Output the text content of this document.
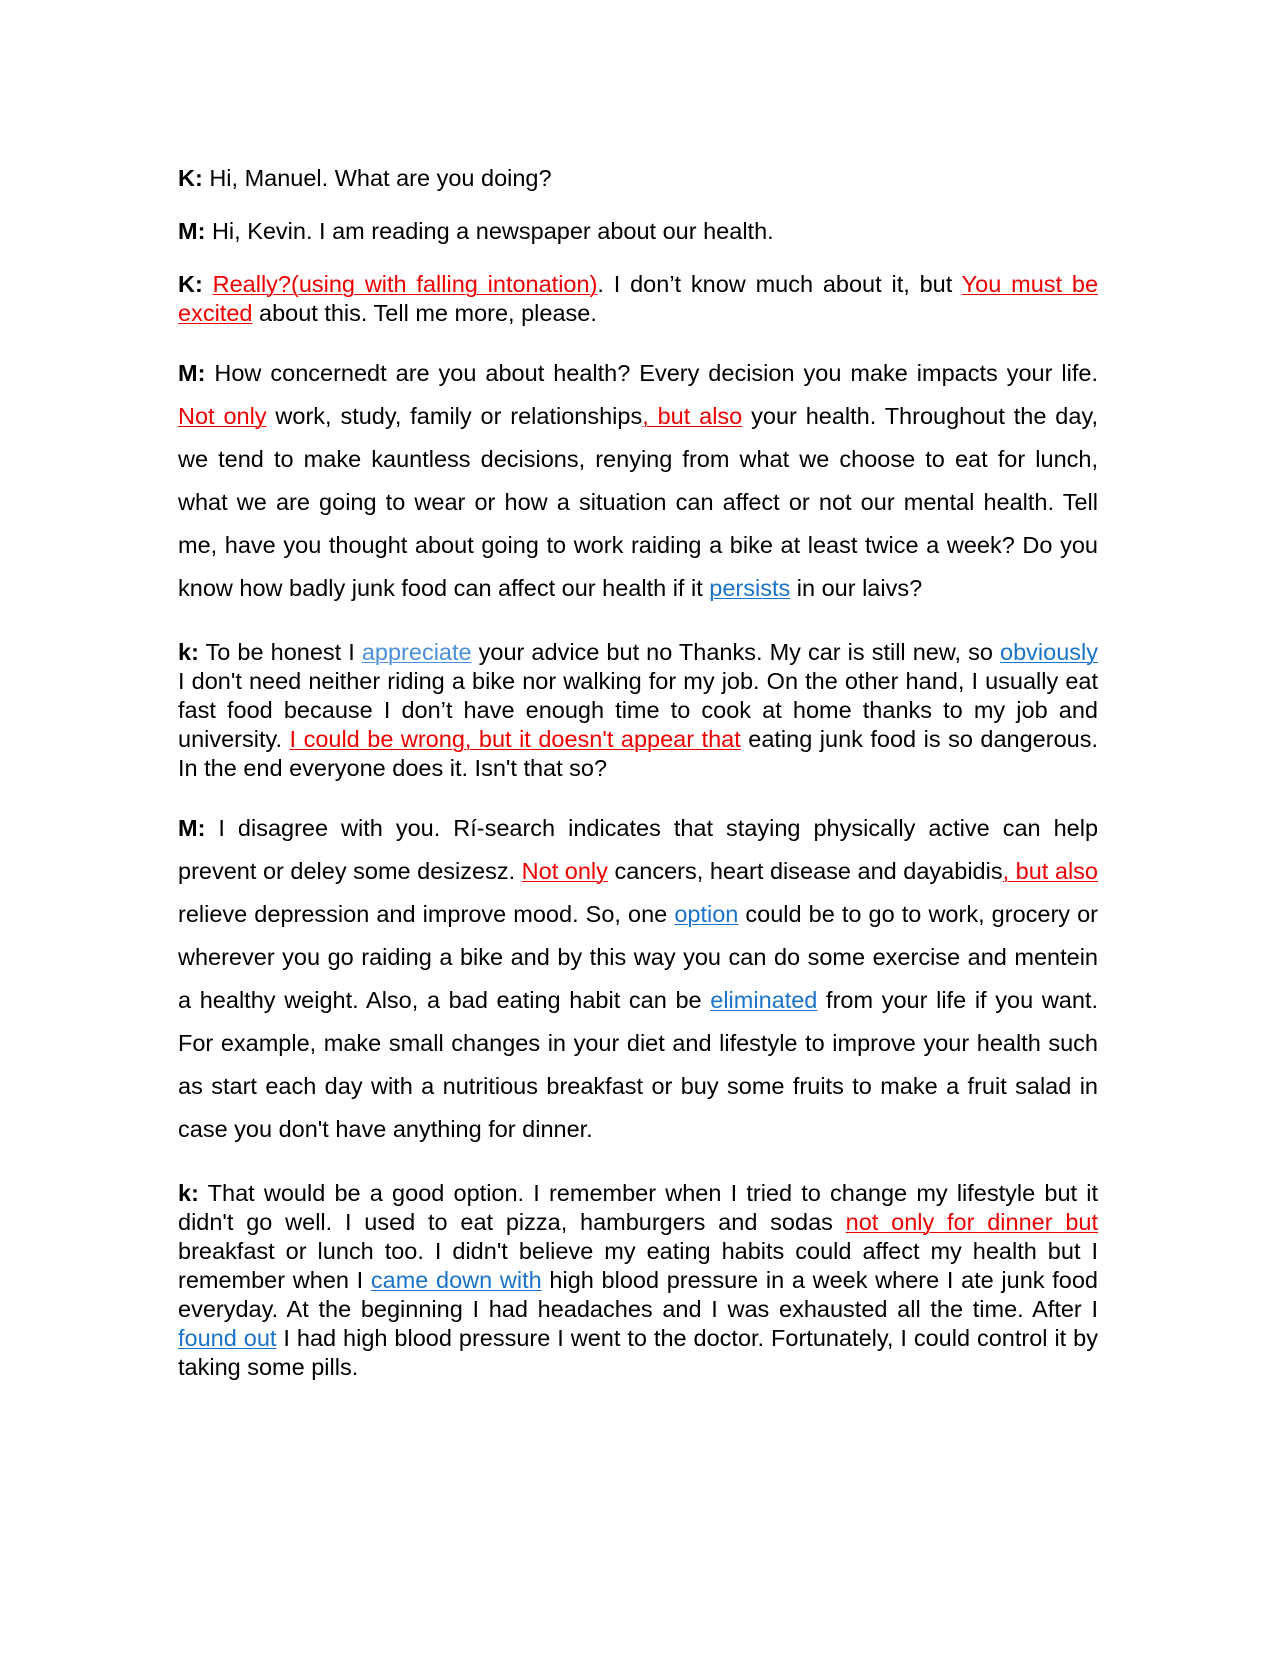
K: Hi, Manuel. What are you doing?

M: Hi, Kevin. I am reading a newspaper about our health.

K: Really?(using with falling intonation). I don’t know much about it, but You must be excited about this. Tell me more, please.

M: How concernedt are you about health? Every decision you make impacts your life. Not only work, study, family or relationships, but also your health. Throughout the day, we tend to make kauntless decisions, renying from what we choose to eat for lunch, what we are going to wear or how a situation can affect or not our mental health. Tell me, have you thought about going to work raiding a bike at least twice a week? Do you know how badly junk food can affect our health if it persists in our laivs?

k: To be honest I appreciate your advice but no Thanks. My car is still new, so obviously I don't need neither riding a bike nor walking for my job. On the other hand, I usually eat fast food because I don’t have enough time to cook at home thanks to my job and university. I could be wrong, but it doesn't appear that eating junk food is so dangerous. In the end everyone does it. Isn't that so?

M: I disagree with you. Rí-search indicates that staying physically active can help prevent or deley some desizesz. Not only cancers, heart disease and dayabidis, but also relieve depression and improve mood. So, one option could be to go to work, grocery or wherever you go raiding a bike and by this way you can do some exercise and mentein a healthy weight. Also, a bad eating habit can be eliminated from your life if you want. For example, make small changes in your diet and lifestyle to improve your health such as start each day with a nutritious breakfast or buy some fruits to make a fruit salad in case you don't have anything for dinner.

k: That would be a good option. I remember when I tried to change my lifestyle but it didn't go well. I used to eat pizza, hamburgers and sodas not only for dinner but breakfast or lunch too. I didn't believe my eating habits could affect my health but I remember when I came down with high blood pressure in a week where I ate junk food everyday. At the beginning I had headaches and I was exhausted all the time. After I found out I had high blood pressure I went to the doctor. Fortunately, I could control it by taking some pills.
